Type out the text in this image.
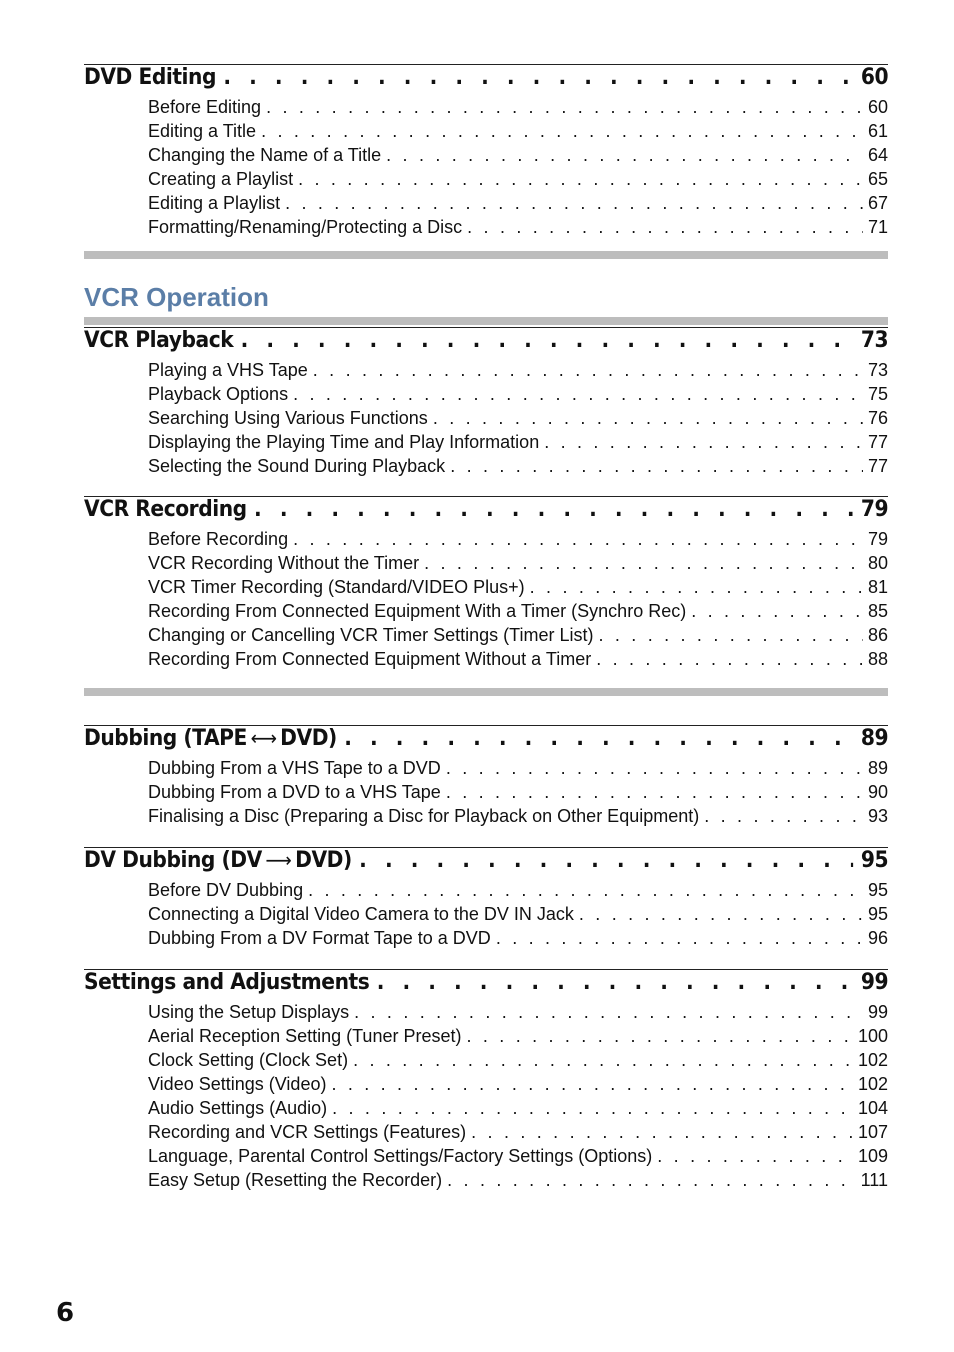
DVD Editing . . .	60
Before Editing . . .	60
Editing a Title . . .	61
Changing the Name of a Title . . .	64
Creating a Playlist . . .	65
Editing a Playlist . . .	67
Formatting/Renaming/Protecting a Disc . . .	71
VCR Operation
VCR Playback . . .	73
Playing a VHS Tape . . .	73
Playback Options . . .	75
Searching Using Various Functions . . .	76
Displaying the Playing Time and Play Information . . .	77
Selecting the Sound During Playback . . .	77
VCR Recording . . .	79
Before Recording . . .	79
VCR Recording Without the Timer . . .	80
VCR Timer Recording (Standard/VIDEO Plus+) . . .	81
Recording From Connected Equipment With a Timer (Synchro Rec) . . .	85
Changing or Cancelling VCR Timer Settings (Timer List) . . .	86
Recording From Connected Equipment Without a Timer . . .	88
Dubbing (TAPE ⟷ DVD) . . .	89
Dubbing From a VHS Tape to a DVD . . .	89
Dubbing From a DVD to a VHS Tape . . .	90
Finalising a Disc (Preparing a Disc for Playback on Other Equipment) . . .	93
DV Dubbing (DV ⟶ DVD) . . .	95
Before DV Dubbing . . .	95
Connecting a Digital Video Camera to the DV IN Jack . . .	95
Dubbing From a DV Format Tape to a DVD . . .	96
Settings and Adjustments . . .	99
Using the Setup Displays . . .	99
Aerial Reception Setting (Tuner Preset) . . .	100
Clock Setting (Clock Set) . . .	102
Video Settings (Video) . . .	102
Audio Settings (Audio) . . .	104
Recording and VCR Settings (Features) . . .	107
Language, Parental Control Settings/Factory Settings (Options) . . .	109
Easy Setup (Resetting the Recorder) . . .	111
6
